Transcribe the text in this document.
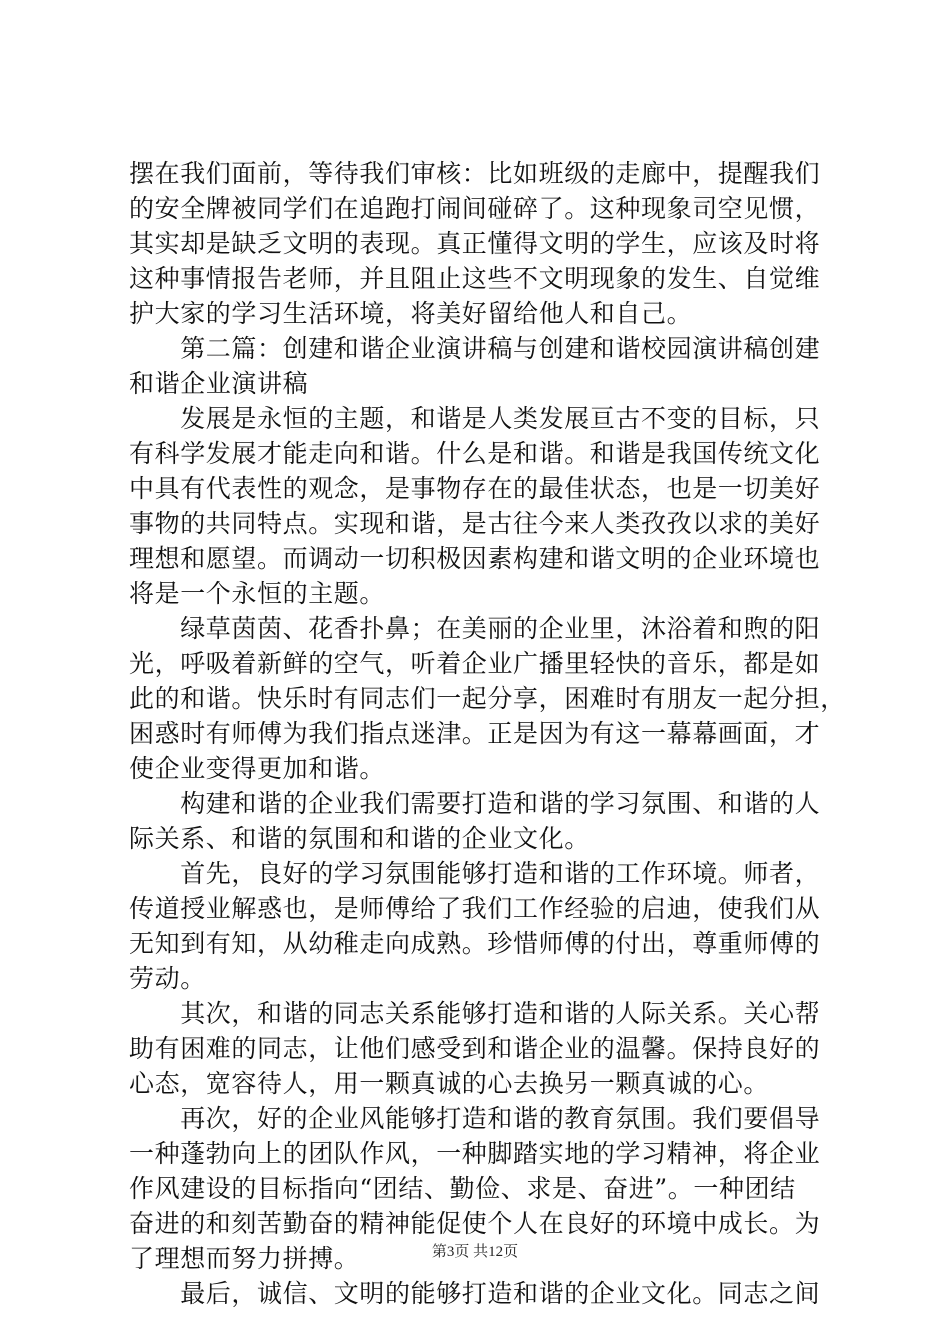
摆在我们面前，等待我们审核：比如班级的走廊中，提醒我们
的安全牌被同学们在追跑打闹间碰碎了。这种现象司空见惯，
其实却是缺乏文明的表现。真正懂得文明的学生，应该及时将
这种事情报告老师，并且阻止这些不文明现象的发生、自觉维
护大家的学习生活环境，将美好留给他人和自己。
　　第二篇：创建和谐企业演讲稿与创建和谐校园演讲稿创建
和谐企业演讲稿
　　发展是永恒的主题，和谐是人类发展亘古不变的目标，只
有科学发展才能走向和谐。什么是和谐。和谐是我国传统文化
中具有代表性的观念，是事物存在的最佳状态，也是一切美好
事物的共同特点。实现和谐，是古往今来人类孜孜以求的美好
理想和愿望。而调动一切积极因素构建和谐文明的企业环境也
将是一个永恒的主题。
　　绿草茵茵、花香扑鼻；在美丽的企业里，沐浴着和煦的阳
光，呼吸着新鲜的空气，听着企业广播里轻快的音乐，都是如
此的和谐。快乐时有同志们一起分享，困难时有朋友一起分担，
困惑时有师傅为我们指点迷津。正是因为有这一幕幕画面，才
使企业变得更加和谐。
　　构建和谐的企业我们需要打造和谐的学习氛围、和谐的人
际关系、和谐的氛围和和谐的企业文化。
　　首先，良好的学习氛围能够打造和谐的工作环境。师者，
传道授业解惑也，是师傅给了我们工作经验的启迪，使我们从
无知到有知，从幼稚走向成熟。珍惜师傅的付出，尊重师傅的
劳动。
　　其次，和谐的同志关系能够打造和谐的人际关系。关心帮
助有困难的同志，让他们感受到和谐企业的温馨。保持良好的
心态，宽容待人，用一颗真诚的心去换另一颗真诚的心。
　　再次，好的企业风能够打造和谐的教育氛围。我们要倡导
一种蓬勃向上的团队作风，一种脚踏实地的学习精神，将企业
作风建设的目标指向“团结、勤俭、求是、奋进”。一种团结
奋进的和刻苦勤奋的精神能促使个人在良好的环境中成长。为
了理想而努力拼搏。
　　最后，诚信、文明的能够打造和谐的企业文化。同志之间
第3页 共12页
